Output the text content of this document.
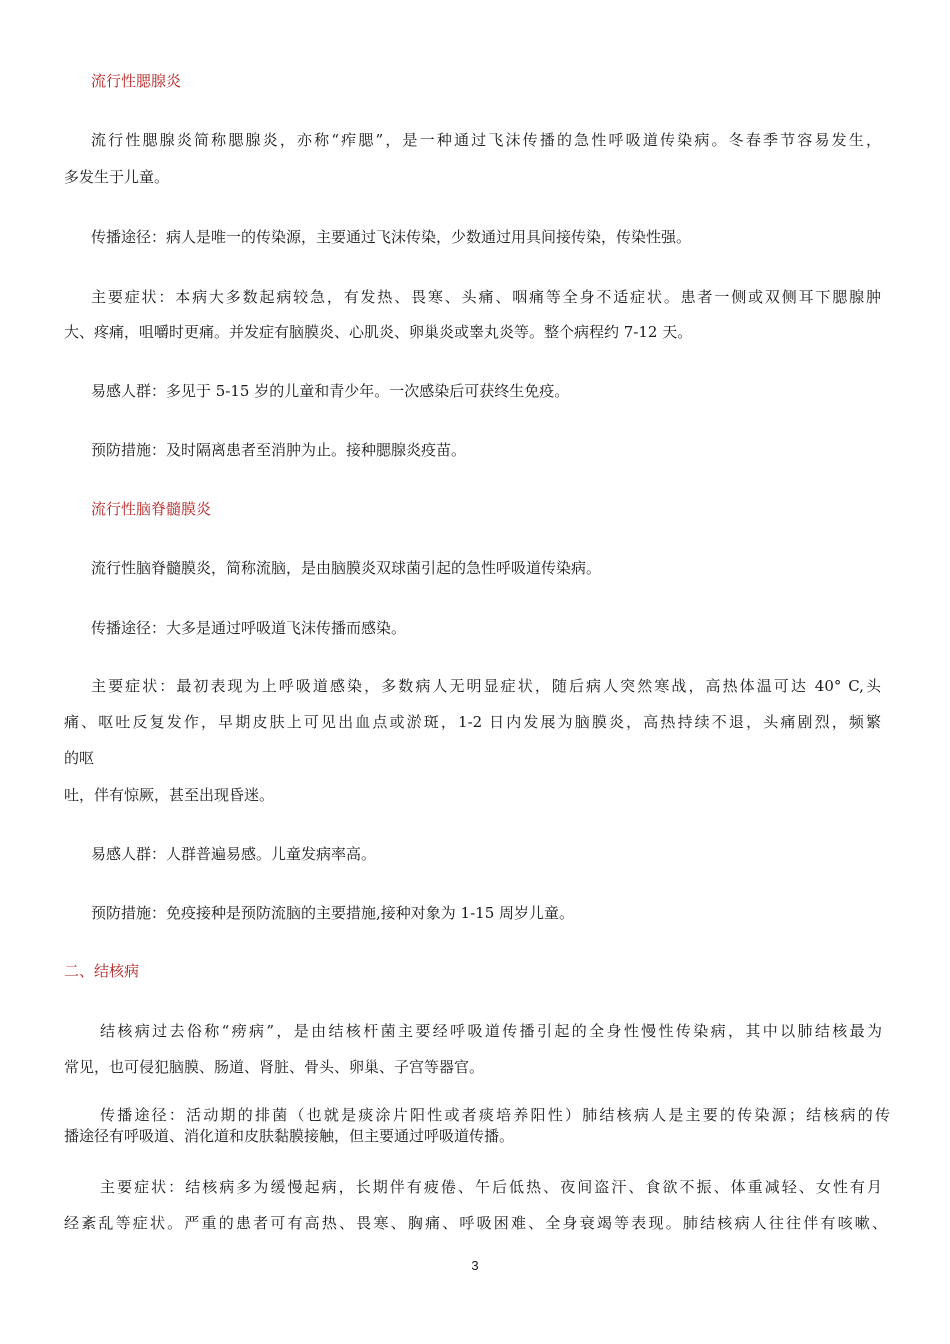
流行性腮腺炎
流行性腮腺炎简称腮腺炎，亦称“痄腮”，是一种通过飞沫传播的急性呼吸道传染病。冬春季节容易发生，
多发生于儿童。
传播途径：病人是唯一的传染源，主要通过飞沫传染，少数通过用具间接传染，传染性强。
主要症状：本病大多数起病较急，有发热、畏寒、头痛、咽痛等全身不适症状。患者一侧或双侧耳下腮腺肿
大、疼痛，咀嚼时更痛。并发症有脑膜炎、心肌炎、卵巢炎或睾丸炎等。整个病程约 7-12 天。
易感人群：多见于 5-15 岁的儿童和青少年。一次感染后可获终生免疫。
预防措施：及时隔离患者至消肿为止。接种腮腺炎疫苗。
流行性脑脊髓膜炎
流行性脑脊髓膜炎，简称流脑，是由脑膜炎双球菌引起的急性呼吸道传染病。
传播途径：大多是通过呼吸道飞沫传播而感染。
主要症状：最初表现为上呼吸道感染，多数病人无明显症状，随后病人突然寒战，高热体温可达 40° C,头
痛、呕吐反复发作，早期皮肤上可见出血点或淤斑，1-2 日内发展为脑膜炎，高热持续不退，头痛剧烈，频繁
的呕
吐，伴有惊厥，甚至出现昏迷。
易感人群：人群普遍易感。儿童发病率高。
预防措施：免疫接种是预防流脑的主要措施,接种对象为 1-15 周岁儿童。
二、结核病
结核病过去俗称“痨病”，是由结核杆菌主要经呼吸道传播引起的全身性慢性传染病，其中以肺结核最为
常见，也可侵犯脑膜、肠道、肾脏、骨头、卵巢、子宫等器官。
传播途径：活动期的排菌（也就是痰涂片阳性或者痰培养阳性）肺结核病人是主要的传染源；结核病的传
播途径有呼吸道、消化道和皮肤黏膜接触，但主要通过呼吸道传播。
主要症状：结核病多为缓慢起病，长期伴有疲倦、午后低热、夜间盗汗、食欲不振、体重减轻、女性有月
经紊乱等症状。严重的患者可有高热、畏寒、胸痛、呼吸困难、全身衰竭等表现。肺结核病人往往伴有咳嗽、
3
